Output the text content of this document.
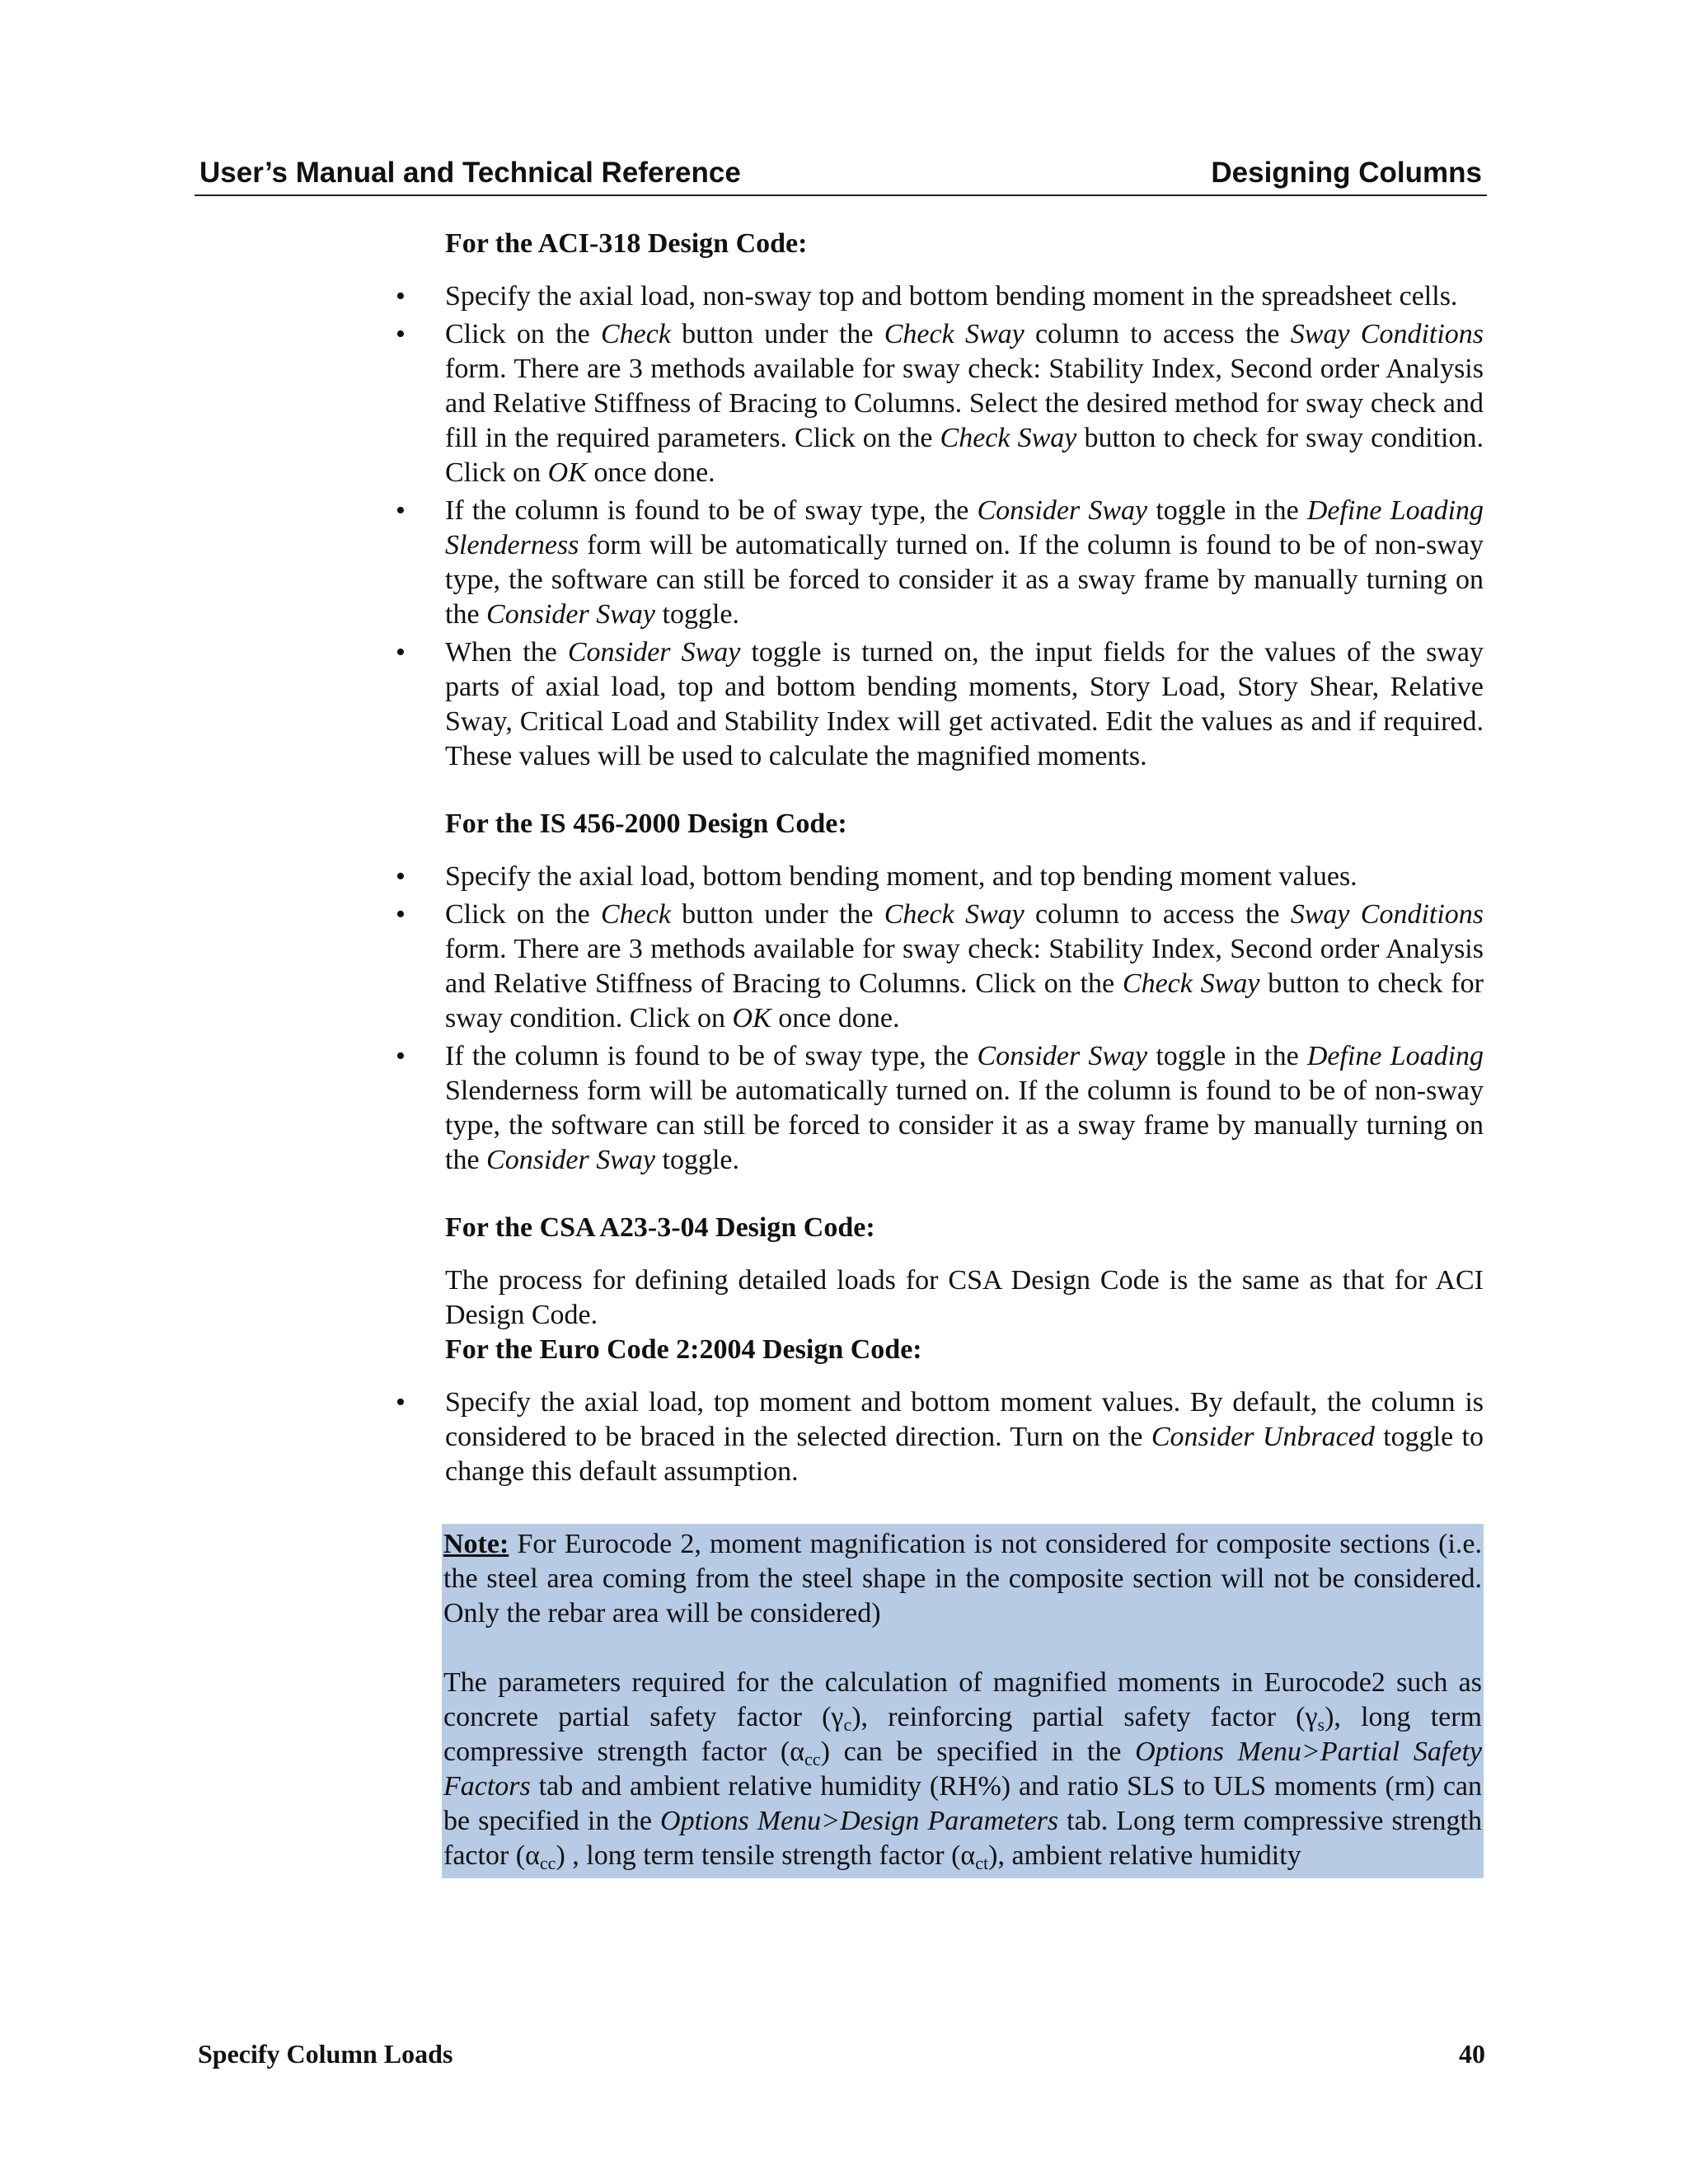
User’s Manual and Technical Reference	Designing Columns

For the ACI-318 Design Code:

• Specify the axial load, non-sway top and bottom bending moment in the spreadsheet cells.
• Click on the Check button under the Check Sway column to access the Sway Conditions form. There are 3 methods available for sway check: Stability Index, Second order Analysis and Relative Stiffness of Bracing to Columns. Select the desired method for sway check and fill in the required parameters. Click on the Check Sway button to check for sway condition. Click on OK once done.
• If the column is found to be of sway type, the Consider Sway toggle in the Define Loading Slenderness form will be automatically turned on. If the column is found to be of non-sway type, the software can still be forced to consider it as a sway frame by manually turning on the Consider Sway toggle.
• When the Consider Sway toggle is turned on, the input fields for the values of the sway parts of axial load, top and bottom bending moments, Story Load, Story Shear, Relative Sway, Critical Load and Stability Index will get activated. Edit the values as and if required. These values will be used to calculate the magnified moments.

For the IS 456-2000 Design Code:

• Specify the axial load, bottom bending moment, and top bending moment values.
• Click on the Check button under the Check Sway column to access the Sway Conditions form. There are 3 methods available for sway check: Stability Index, Second order Analysis and Relative Stiffness of Bracing to Columns. Click on the Check Sway button to check for sway condition. Click on OK once done.
• If the column is found to be of sway type, the Consider Sway toggle in the Define Loading Slenderness form will be automatically turned on. If the column is found to be of non-sway type, the software can still be forced to consider it as a sway frame by manually turning on the Consider Sway toggle.

For the CSA A23-3-04 Design Code:

The process for defining detailed loads for CSA Design Code is the same as that for ACI Design Code.

For the Euro Code 2:2004 Design Code:

• Specify the axial load, top moment and bottom moment values. By default, the column is considered to be braced in the selected direction. Turn on the Consider Unbraced toggle to change this default assumption.

Note: For Eurocode 2, moment magnification is not considered for composite sections (i.e. the steel area coming from the steel shape in the composite section will not be considered. Only the rebar area will be considered)

The parameters required for the calculation of magnified moments in Eurocode2 such as concrete partial safety factor $(\gamma_c)$, reinforcing partial safety factor $(\gamma_s)$, long term compressive strength factor $(\alpha_{cc})$ can be specified in the Options Menu>Partial Safety Factors tab and ambient relative humidity (RH%) and ratio SLS to ULS moments (rm) can be specified in the Options Menu>Design Parameters tab. Long term compressive strength factor $(\alpha_{cc})$ , long term tensile strength factor $(\alpha_{ct})$, ambient relative humidity

Specify Column Loads	40
